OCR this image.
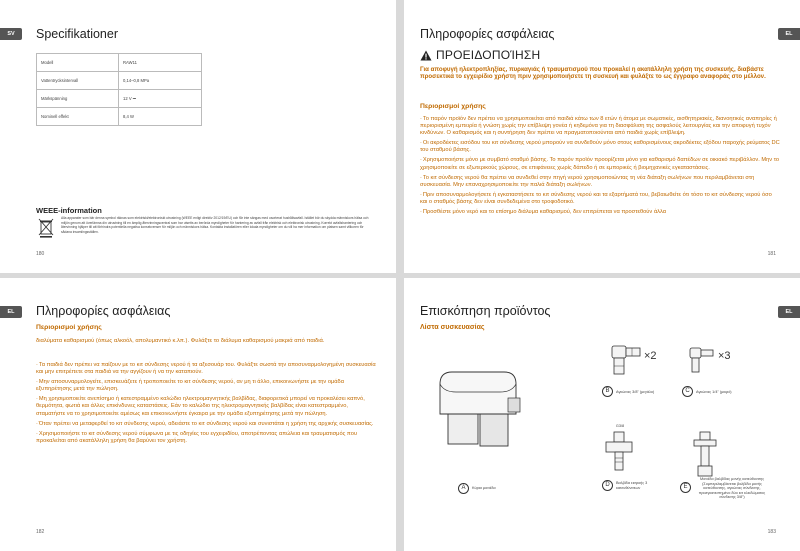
SV	Specifikationer
Modell	RAW11
Vattentrycksintervall	0,14–0,8 MPa
Märkspänning	12 V ⎓
Nominell effekt	8,4 W
WEEE-information
Alla apparater som bär denna symbol räknas som elektriskt/elektroniskt utrustning (WEEE enligt direktiv 2012/19/EU) och får inte sängas med osorterat hushållsavfall. Istället bör du skydda människors hälsa och miljön genom att överlämna din utrustning till en ämplig återvinningscentral som har utsetts av berörda myndigheter för hantering av avfall från elektrisk och elektronisk utrustning. Korrekt avfallshantering och återvinning hjälper till att förhindra potentiella negativa konsekvenser för miljön och människors hälsa. Kontakta installatören eller lokala myndigheter om du vill ha mer information om platsen samt villkoren för sådana insamlingsställen.
180
EL
Πληροφορίες ασφάλειας
ΠΡΟΕΙΔΟΠΟΊΗΣΗ
Για αποφυγή ηλεκτροπληξίας, πυρκαγιάς ή τραυματισμού που προκαλεί η ακατάλληλη χρήση της συσκευής, διαβάστε προσεκτικά το εγχειρίδιο χρήστη πριν χρησιμοποιήσετε τη συσκευή και φυλάξτε το ως έγγραφο αναφοράς στο μέλλον.
Περιορισμοί χρήσης
· Το παρόν προϊόν δεν πρέπει να χρησιμοποιείται από παιδιά κάτω των 8 ετών ή άτομα με σωματικές, αισθητηριακές, διανοητικές αναπηρίες ή περιορισμένη εμπειρία ή γνώση χωρίς την επίβλεψη γονέα ή κηδεμόνα για τη διασφάλιση της ασφαλούς λειτουργίας και την αποφυγή τυχόν κινδύνων. Ο καθαρισμός και η συντήρηση δεν πρέπει να πραγματοποιούνται από παιδιά χωρίς επίβλεψη.
· Οι ακροδέκτες εισόδου του κιτ σύνδεσης νερού μπορούν να συνδεθούν μόνο στους καθορισμένους ακροδέκτες εξόδου παροχής ρεύματος DC του σταθμού βάσης.
· Χρησιμοποιήστε μόνο με συμβατό σταθμό βάσης. Το παρόν προϊόν προορίζεται μόνο για καθαρισμό δαπέδων σε οικιακό περιβάλλον. Μην το χρησιμοποιείτε σε εξωτερικούς χώρους, σε επιφάνειες χωρίς δάπεδο ή σε εμπορικές ή βιομηχανικές εγκαταστάσεις.
· Το κιτ σύνδεσης νερού θα πρέπει να συνδεθεί στην πηγή νερού χρησιμοποιώντας τη νέα διάταξη σωλήνων που περιλαμβάνεται στη συσκευασία. Μην επαναχρησιμοποιείτε την παλιά διάταξη σωλήνων.
· Πριν αποσυναρμολογήσετε ή εγκαταστήσετε το κιτ σύνδεσης νερού και τα εξαρτήματά του, βεβαιωθείτε ότι τόσο το κιτ σύνδεσης νερού όσο και ο σταθμός βάσης δεν είναι συνδεδεμένα στο τροφοδοτικό.
· Προσθέστε μόνο νερό και το επίσημο διάλυμα καθαρισμού, δεν επιτρέπεται να προστεθούν άλλα
181
EL	Πληροφορίες ασφάλειας
Περιορισμοί χρήσης
διαλύματα καθαρισμού (όπως αλκοόλ, απολυμαντικό κ.λπ.). Φυλάξτε το διάλυμα καθαρισμού μακριά από παιδιά.
· Τα παιδιά δεν πρέπει να παίζουν με το κιτ σύνδεσης νερού ή τα αξεσουάρ του. Φυλάξτε σωστά την αποσυναρμολογημένη συσκευασία και μην επιτρέπετε στα παιδιά να την αγγίζουν ή να την καταπιούν.
· Μην αποσυναρμολογείτε, επισκευάζετε ή τροποποιείτε το κιτ σύνδεσης νερού, αν μη τι άλλο, επικοινωνήστε με την ομάδα εξυπηρέτησης μετά την πώληση.
· Μη χρησιμοποιείτε ανεπίσημο ή κατεστραμμένο καλώδιο ηλεκτρομαγνητικής βαλβίδας, διαφορετικά μπορεί να προκαλέσει καπνό, θερμότητα, φωτιά και άλλες επικίνδυνες καταστάσεις. Εάν το καλώδιο της ηλεκτρομαγνητικής βαλβίδας είναι κατεστραμμένο, σταματήστε να το χρησιμοποιείτε αμέσως και επικοινωνήστε έγκαιρα με την ομάδα εξυπηρέτησης μετά την πώληση.
· Όταν πρέπει να μεταφερθεί το κιτ σύνδεσης νερού, αδειάστε το κιτ σύνδεσης νερού και συνιστάται η χρήση της αρχικής συσκευασίας.
· Χρησιμοποιήστε το κιτ σύνδεσης νερού σύμφωνα με τις οδηγίες του εγχειριδίου, αποτρέποντας απώλεια και τραυματισμός που προκαλείται από ακατάλληλη χρήση θα βαρύνει τον χρήστη.
182
EL
Επισκόπηση προϊόντος
Λίστα συσκευασίας
A	Κύρια μονάδα
×2
B	Αγκώνας 3/8" (μεγάλο)
×3
C	Αγκώνας 1/4" (μικρό)
G3/8
D	Βαλβίδα εισροής 3 κατευθύνσεων	E
Μονάδα βαλβίδας μονής κατεύθυνσης (Συμπεριλαμβάνεται βαλβίδα μονής κατεύθυνσης, αγκώνας σύνδεσης, προεγκατεστημένο δύο κιτ κλειδώματος σύνδεσης 3/8")
183
